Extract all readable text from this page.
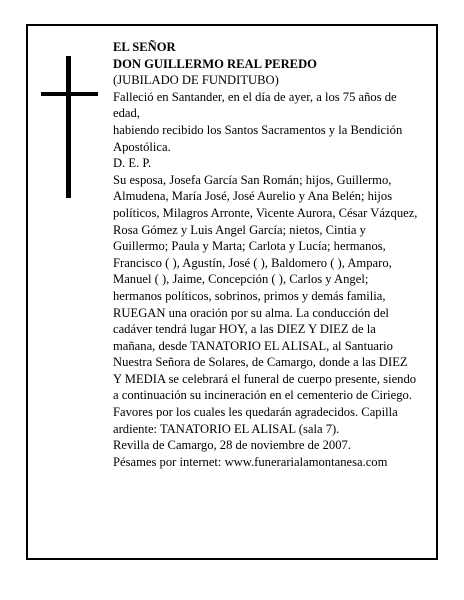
EL SEÑOR

DON GUILLERMO REAL PEREDO

(JUBILADO DE FUNDITUBO)

Falleció en Santander, en el día de ayer, a los 75 años de edad,

habiendo recibido los Santos Sacramentos y la Bendición Apostólica.

D. E. P.

Su esposa, Josefa García San Román; hijos, Guillermo, Almudena, María José, José Aurelio y Ana Belén; hijos políticos, Milagros Arronte, Vicente Aurora, César Vázquez, Rosa Gómez y Luis Angel García; nietos, Cintia y Guillermo; Paula y Marta; Carlota y Lucía; hermanos, Francisco ( ), Agustín, José ( ), Baldomero ( ), Amparo, Manuel ( ), Jaime, Concepción ( ), Carlos y Angel; hermanos políticos, sobrinos, primos y demás familia,

RUEGAN una oración por su alma. La conducción del cadáver tendrá lugar HOY, a las DIEZ Y DIEZ de la mañana, desde TANATORIO EL ALISAL, al Santuario Nuestra Señora de Solares, de Camargo, donde a las DIEZ Y MEDIA se celebrará el funeral de cuerpo presente, siendo a continuación su incineración en el cementerio de Ciriego. Favores por los cuales les quedarán agradecidos. Capilla ardiente: TANATORIO EL ALISAL (sala 7).

Revilla de Camargo, 28 de noviembre de 2007.

Pésames por internet: www.funerarialamontanesa.com
